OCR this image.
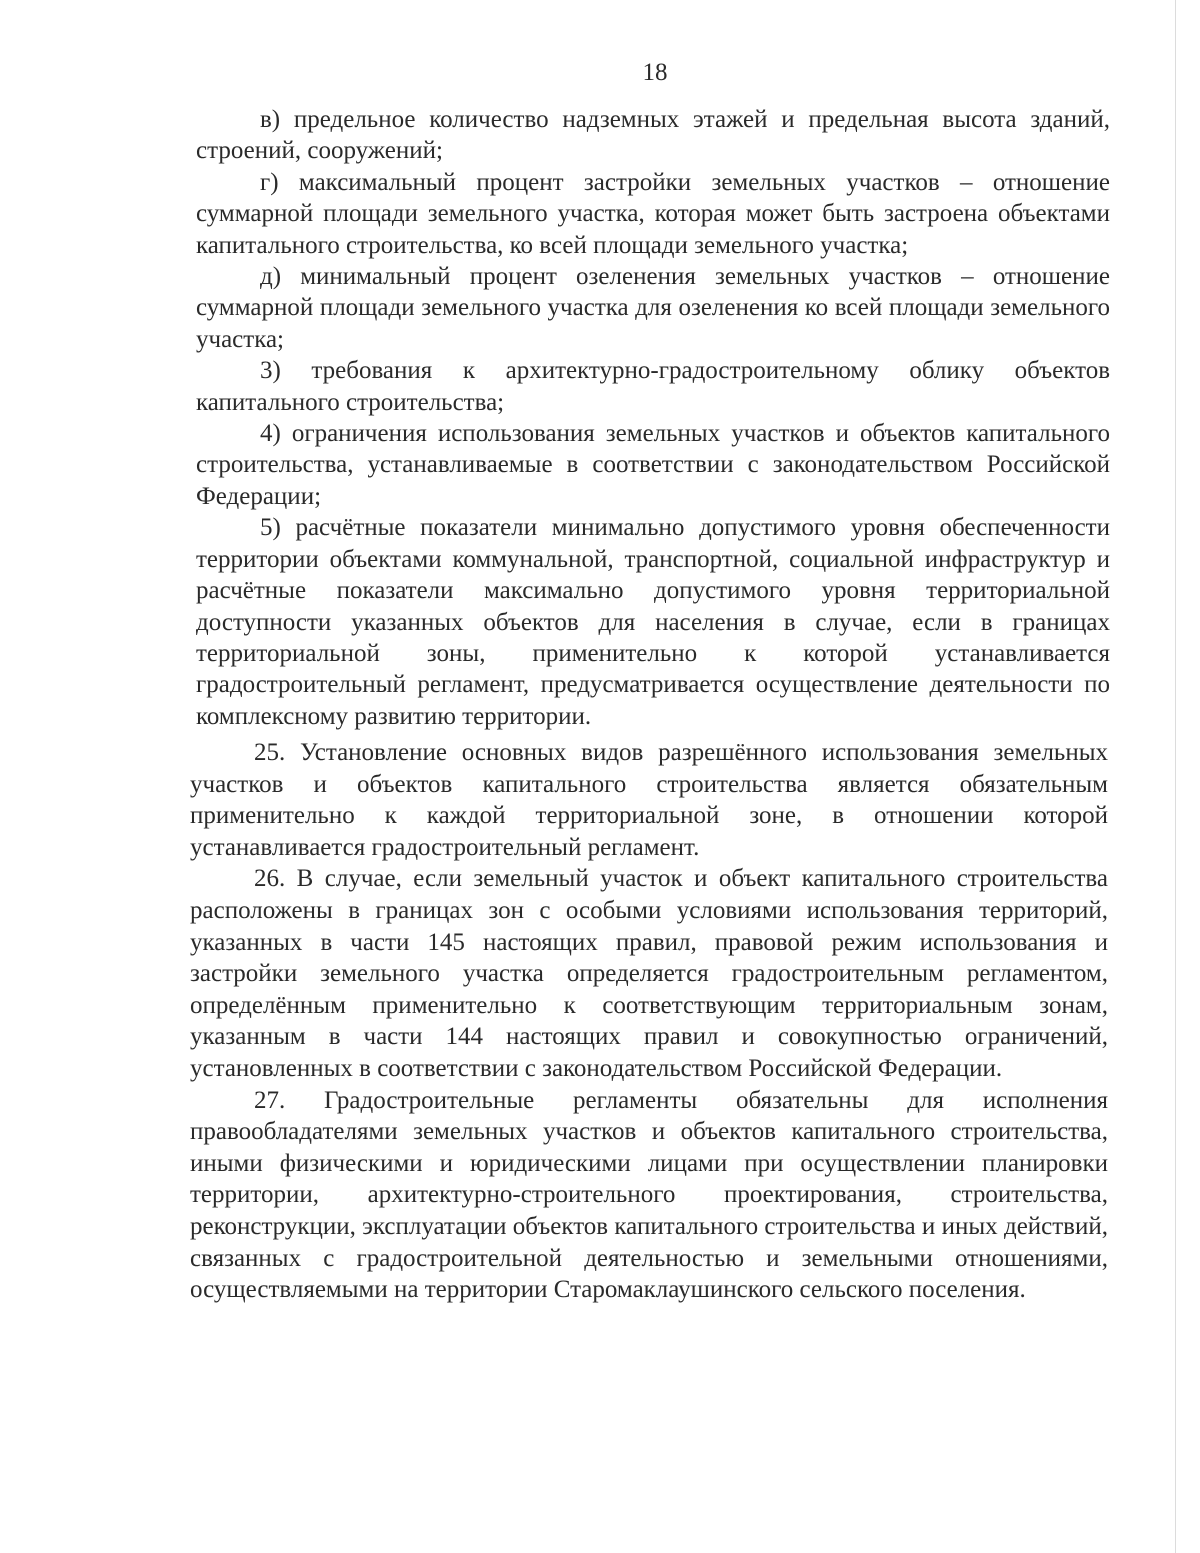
18

в) предельное количество надземных этажей и предельная высота зданий, строений, сооружений;

г) максимальный процент застройки земельных участков – отношение суммарной площади земельного участка, которая может быть застроена объектами капитального строительства, ко всей площади земельного участка;

д) минимальный процент озеленения земельных участков – отношение суммарной площади земельного участка для озеленения ко всей площади земельного участка;

3) требования к архитектурно-градостроительному облику объектов капитального строительства;

4) ограничения использования земельных участков и объектов капитального строительства, устанавливаемые в соответствии с законодательством Российской Федерации;

5) расчётные показатели минимально допустимого уровня обеспеченности территории объектами коммунальной, транспортной, социальной инфраструктур и расчётные показатели максимально допустимого уровня территориальной доступности указанных объектов для населения в случае, если в границах территориальной зоны, применительно к которой устанавливается градостроительный регламент, предусматривается осуществление деятельности по комплексному развитию территории.

25. Установление основных видов разрешённого использования земельных участков и объектов капитального строительства является обязательным применительно к каждой территориальной зоне, в отношении которой устанавливается градостроительный регламент.

26. В случае, если земельный участок и объект капитального строительства расположены в границах зон с особыми условиями использования территорий, указанных в части 145 настоящих правил, правовой режим использования и застройки земельного участка определяется градостроительным регламентом, определённым применительно к соответствующим территориальным зонам, указанным в части 144 настоящих правил и совокупностью ограничений, установленных в соответствии с законодательством Российской Федерации.

27. Градостроительные регламенты обязательны для исполнения правообладателями земельных участков и объектов капитального строительства, иными физическими и юридическими лицами при осуществлении планировки территории, архитектурно-строительного проектирования, строительства, реконструкции, эксплуатации объектов капитального строительства и иных действий, связанных с градостроительной деятельностью и земельными отношениями, осуществляемыми на территории Старомаклаушинского сельского поселения.
